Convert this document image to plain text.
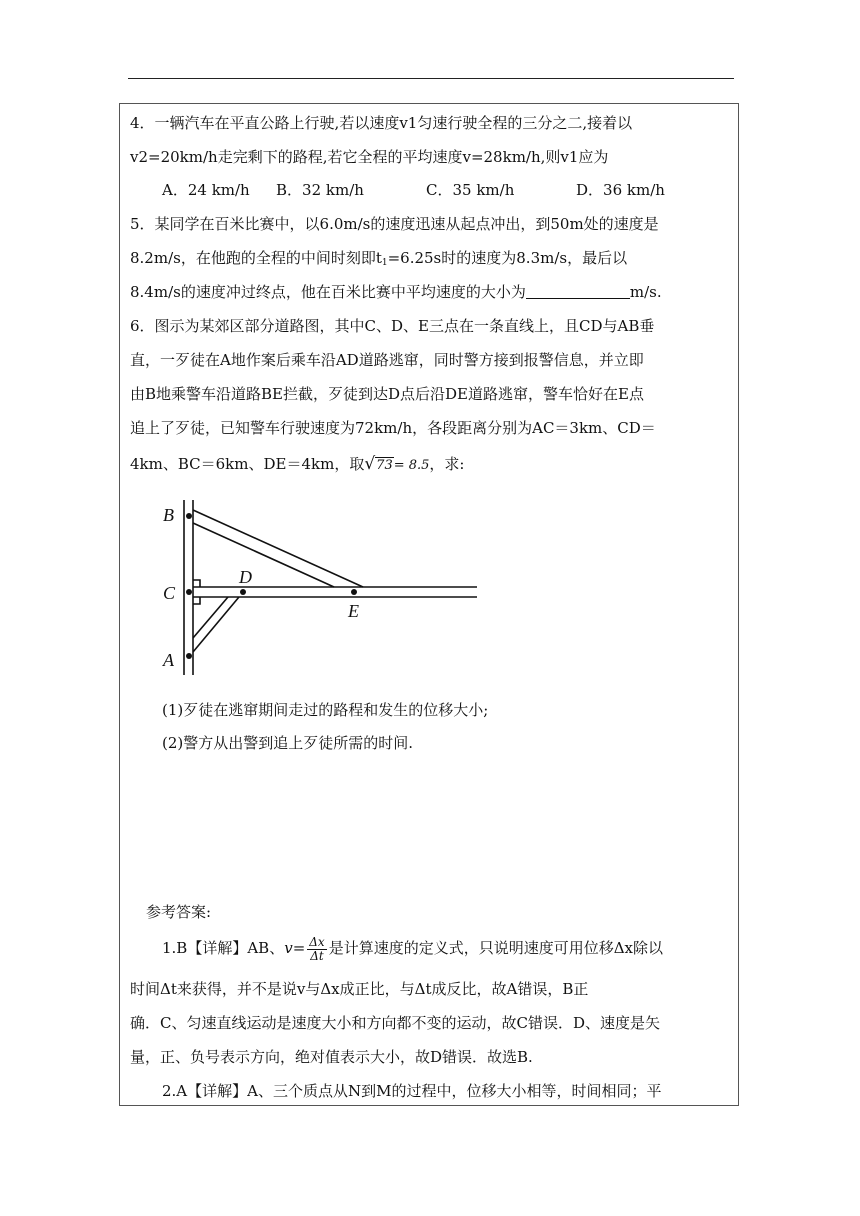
4．一辆汽车在平直公路上行驶,若以速度v1匀速行驶全程的三分之二,接着以
v2=20km/h走完剩下的路程,若它全程的平均速度v=28km/h,则v1应为
A．24 km/h B．32 km/h	C．35 km/h	D．36 km/h
5．某同学在百米比赛中，以6.0m/s的速度迅速从起点冲出，到50m处的速度是
8.2m/s，在他跑的全程的中间时刻即$t_1=6.25s$时的速度为8.3m/s，最后以
8.4m/s的速度冲过终点，他在百米比赛中平均速度的大小为	m/s.
6．图示为某郊区部分道路图，其中C、D、E三点在一条直线上，且CD与AB垂
直，一歹徒在A地作案后乘车沿AD道路逃窜，同时警方接到报警信息，并立即
由B地乘警车沿道路BE拦截，歹徒到达D点后沿DE道路逃窜，警车恰好在E点
追上了歹徒，已知警车行驶速度为72km/h，各段距离分别为AC＝3km、CD＝
4km、BC＝6km、DE＝4km，取√73= 8.5，求:
B
C
A
D
E
(1)歹徒在逃窜期间走过的路程和发生的位移大小;
(2)警方从出警到追上歹徒所需的时间.
参考答案:
1.B【详解】AB、$v= \frac{\Delta x}{\Delta t}$ 是计算速度的定义式，只说明速度可用位移Δx除以
时间Δt来获得，并不是说v与Δx成正比，与Δt成反比，故A错误，B正
确．C、匀速直线运动是速度大小和方向都不变的运动，故C错误．D、速度是矢
量，正、负号表示方向，绝对值表示大小，故D错误．故选B.
2.A【详解】A、三个质点从N到M的过程中，位移大小相等，时间相同；平
